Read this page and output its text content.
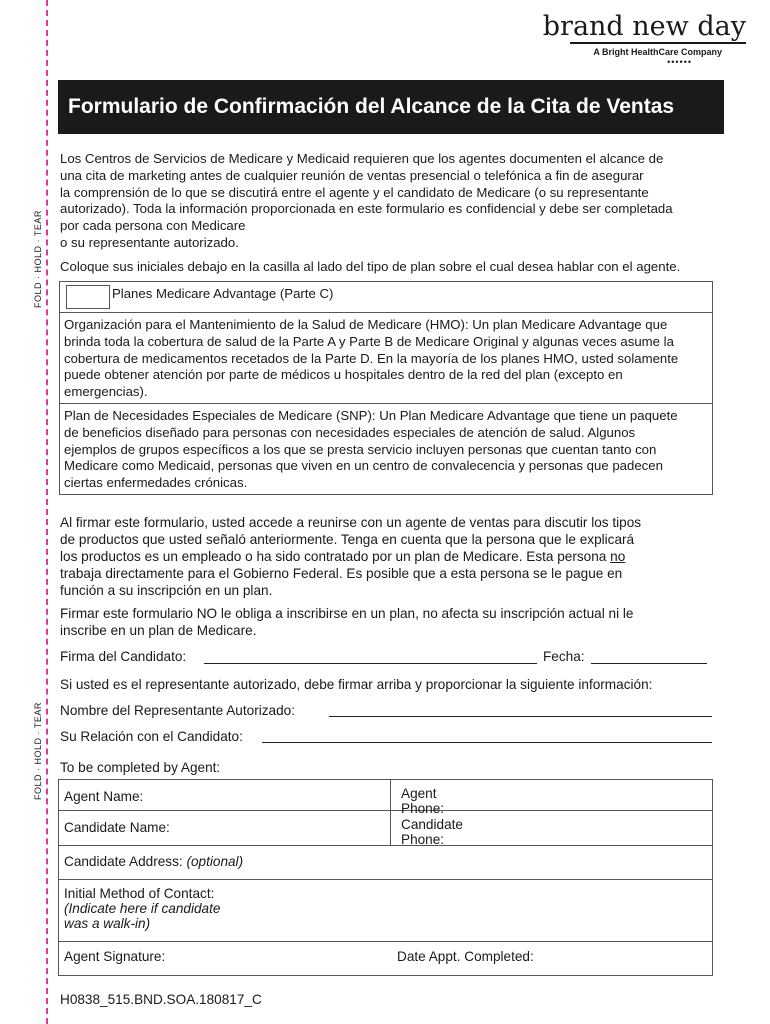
FOLD · HOLD · TEAR
FOLD · HOLD · TEAR
brand new day
A Bright HealthCare Company
••••••
Formulario de Confirmación del Alcance de la Cita de Ventas
Los Centros de Servicios de Medicare y Medicaid requieren que los agentes documenten el alcance de
una cita de marketing antes de cualquier reunión de ventas presencial o telefónica a fin de asegurar
la comprensión de lo que se discutirá entre el agente y el candidato de Medicare (o su representante
autorizado). Toda la información proporcionada en este formulario es confidencial y debe ser completada
por cada persona con Medicare
o su representante autorizado.
Coloque sus iniciales debajo en la casilla al lado del tipo de plan sobre el cual desea hablar con el agente.
Planes Medicare Advantage (Parte C)
Organización para el Mantenimiento de la Salud de Medicare (HMO): Un plan Medicare Advantage que
brinda toda la cobertura de salud de la Parte A y Parte B de Medicare Original y algunas veces asume la
cobertura de medicamentos recetados de la Parte D. En la mayoría de los planes HMO, usted solamente
puede obtener atención por parte de médicos u hospitales dentro de la red del plan (excepto en
emergencias).
Plan de Necesidades Especiales de Medicare (SNP): Un Plan Medicare Advantage que tiene un paquete
de beneficios diseñado para personas con necesidades especiales de atención de salud. Algunos
ejemplos de grupos específicos a los que se presta servicio incluyen personas que cuentan tanto con
Medicare como Medicaid, personas que viven en un centro de convalecencia y personas que padecen
ciertas enfermedades crónicas.
Al firmar este formulario, usted accede a reunirse con un agente de ventas para discutir los tipos
de productos que usted señaló anteriormente. Tenga en cuenta que la persona que le explicará
los productos es un empleado o ha sido contratado por un plan de Medicare. Esta persona no
trabaja directamente para el Gobierno Federal. Es posible que a esta persona se le pague en
función a su inscripción en un plan.
Firmar este formulario NO le obliga a inscribirse en un plan, no afecta su inscripción actual ni le
inscribe en un plan de Medicare.
Firma del Candidato:	Fecha:
Si usted es el representante autorizado, debe firmar arriba y proporcionar la siguiente información:
Nombre del Representante Autorizado:
Su Relación con el Candidato:
To be completed by Agent:
Agent Name:	Agent Phone:
Candidate Name:	Candidate Phone:
Candidate Address: (optional)
Initial Method of Contact:
(Indicate here if candidate
was a walk-in)
Agent Signature:	Date Appt. Completed:
H0838_515.BND.SOA.180817_C
